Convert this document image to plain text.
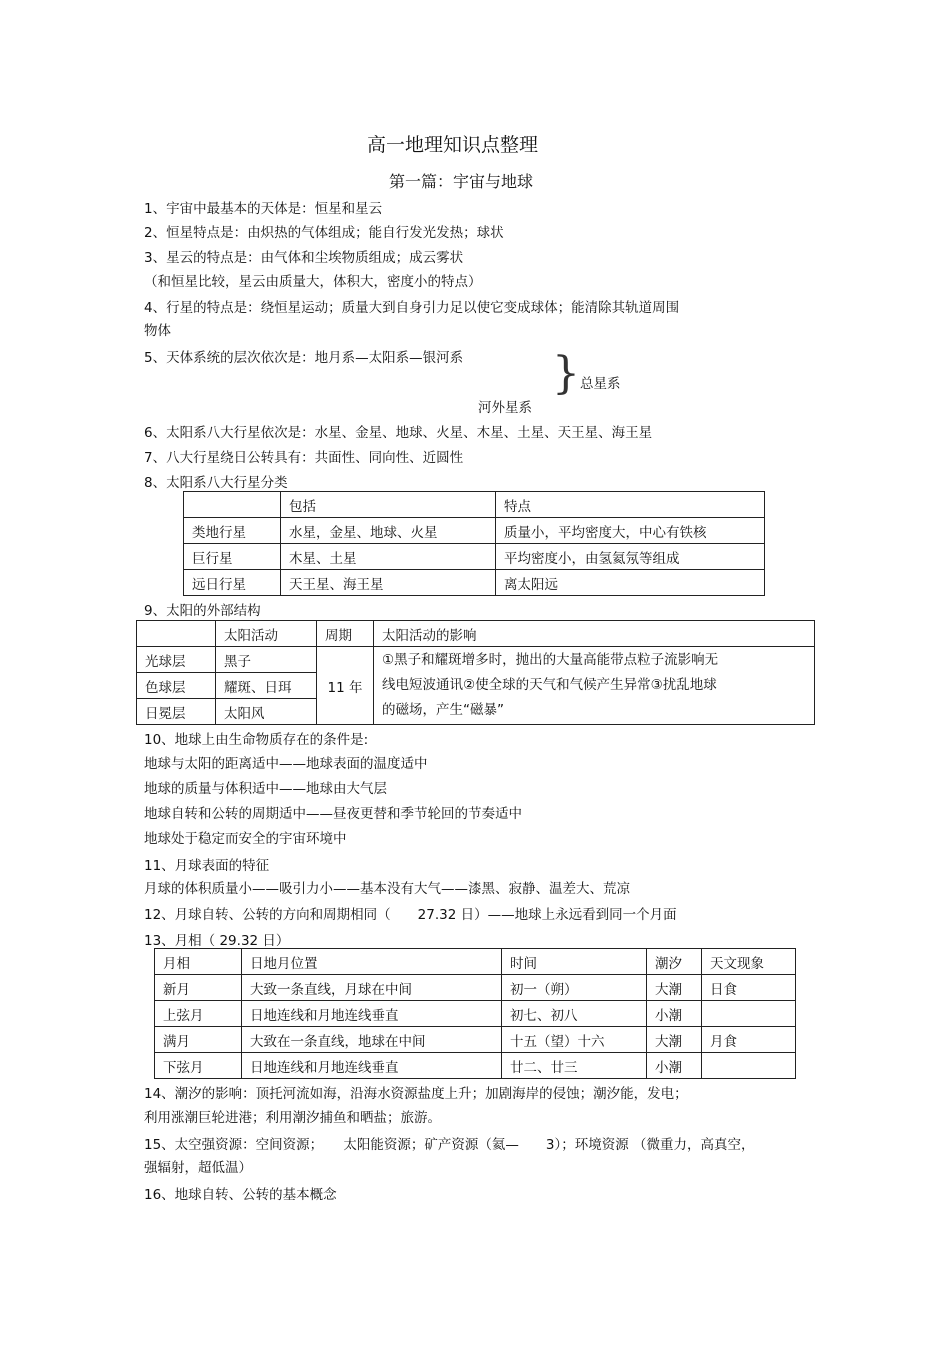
高一地理知识点整理
第一篇：宇宙与地球
1、宇宙中最基本的天体是：恒星和星云
2、恒星特点是：由炽热的气体组成；能自行发光发热；球状
3、星云的特点是：由气体和尘埃物质组成；成云雾状
（和恒星比较，星云由质量大，体积大，密度小的特点）
4、行星的特点是：绕恒星运动；质量大到自身引力足以使它变成球体；能清除其轨道周围
物体
5、天体系统的层次依次是：地月系—太阳系—银河系
河外星系
} 总星系
6、太阳系八大行星依次是：水星、金星、地球、火星、木星、土星、天王星、海王星
7、八大行星绕日公转具有：共面性、同向性、近圆性
8、太阳系八大行星分类
	包括	特点
类地行星	水星，金星、地球、火星	质量小，平均密度大，中心有铁核
巨行星	木星、土星	平均密度小，由氢氦氖等组成
远日行星	天王星、海王星	离太阳远
9、太阳的外部结构
	太阳活动	周期	太阳活动的影响
光球层	黑子	11 年	①黑子和耀斑增多时，抛出的大量高能带点粒子流影响无
线电短波通讯②使全球的天气和气候产生异常③扰乱地球
的磁场，产生“磁暴”

色球层	耀斑、日珥		
日冕层	太阳风		
10、地球上由生命物质存在的条件是:
地球与太阳的距离适中——地球表面的温度适中
地球的质量与体积适中——地球由大气层
地球自转和公转的周期适中——昼夜更替和季节轮回的节奏适中
地球处于稳定而安全的宇宙环境中
11、月球表面的特征
月球的体积质量小——吸引力小——基本没有大气——漆黑、寂静、温差大、荒凉
12、月球自转、公转的方向和周期相同（　　27.32 日）——地球上永远看到同一个月面
13、月相（ 29.32 日）
月相	日地月位置	时间	潮汐	天文现象
新月	大致一条直线，月球在中间	初一（朔）	大潮	日食
上弦月	日地连线和月地连线垂直	初七、初八	小潮	
满月	大致在一条直线，地球在中间	十五（望）十六	大潮	月食
下弦月	日地连线和月地连线垂直	廿二、廿三	小潮	
14、潮汐的影响：顶托河流如海，沿海水资源盐度上升；加剧海岸的侵蚀；潮汐能，发电；
利用涨潮巨轮进港；利用潮汐捕鱼和晒盐；旅游。
15、太空强资源：空间资源；　　太阳能资源；矿产资源（氦—　　3）；环境资源 （微重力，高真空，
强辐射，超低温）
16、地球自转、公转的基本概念
